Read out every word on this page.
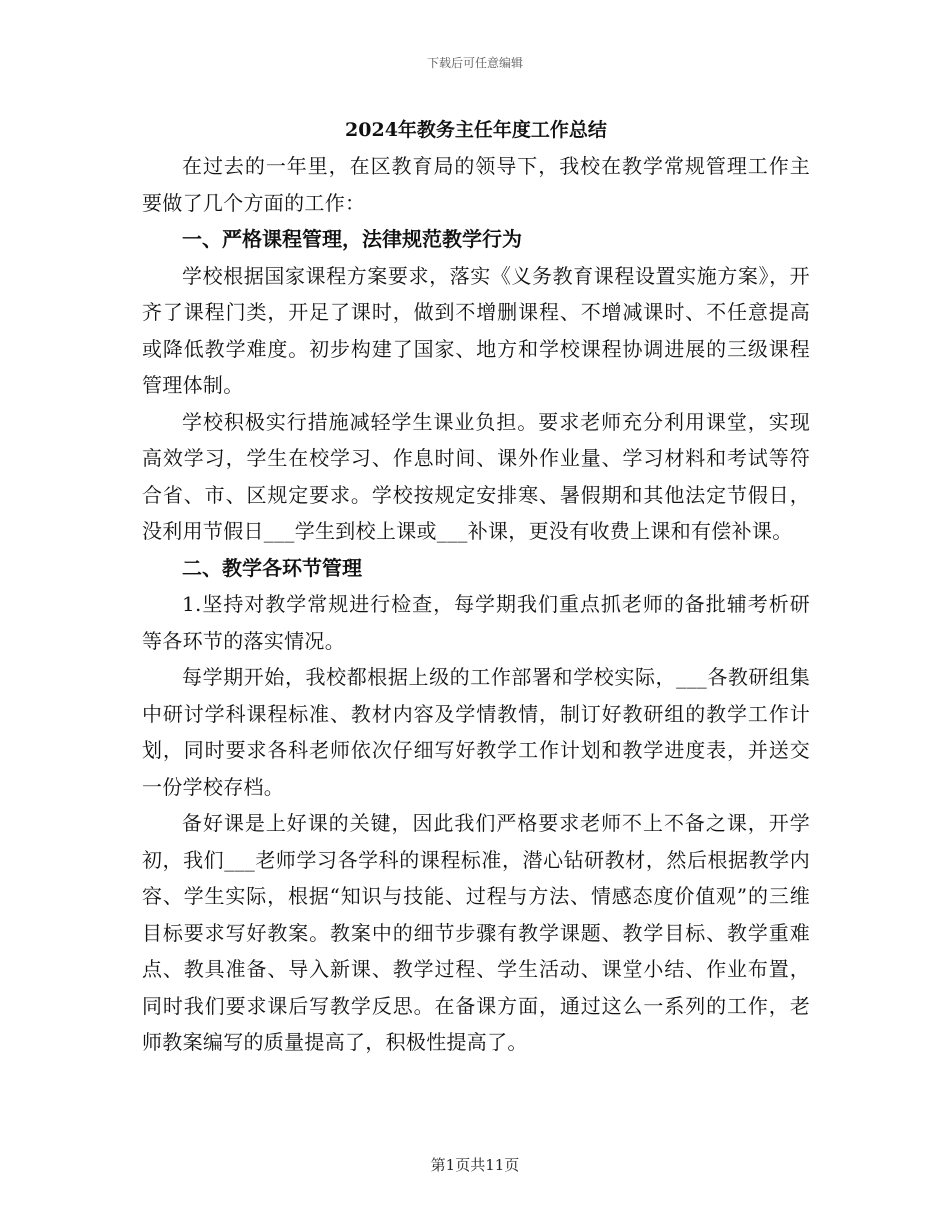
下载后可任意编辑
2024年教务主任年度工作总结

在过去的一年里，在区教育局的领导下，我校在教学常规管理工作主要做了几个方面的工作：

一、严格课程管理，法律规范教学行为

学校根据国家课程方案要求，落实《义务教育课程设置实施方案》，开齐了课程门类，开足了课时，做到不增删课程、不增减课时、不任意提高或降低教学难度。初步构建了国家、地方和学校课程协调进展的三级课程管理体制。

学校积极实行措施减轻学生课业负担。要求老师充分利用课堂，实现高效学习，学生在校学习、作息时间、课外作业量、学习材料和考试等符合省、市、区规定要求。学校按规定安排寒、暑假期和其他法定节假日，没利用节假日___学生到校上课或___补课，更没有收费上课和有偿补课。

二、教学各环节管理

1.坚持对教学常规进行检查，每学期我们重点抓老师的备批辅考析研等各环节的落实情况。

每学期开始，我校都根据上级的工作部署和学校实际，___各教研组集中研讨学科课程标准、教材内容及学情教情，制订好教研组的教学工作计划，同时要求各科老师依次仔细写好教学工作计划和教学进度表，并送交一份学校存档。

备好课是上好课的关键，因此我们严格要求老师不上不备之课，开学初，我们___老师学习各学科的课程标准，潜心钻研教材，然后根据教学内容、学生实际，根据“知识与技能、过程与方法、情感态度价值观”的三维目标要求写好教案。教案中的细节步骤有教学课题、教学目标、教学重难点、教具准备、导入新课、教学过程、学生活动、课堂小结、作业布置，同时我们要求课后写教学反思。在备课方面，通过这么一系列的工作，老师教案编写的质量提高了，积极性提高了。

第1页共11页
